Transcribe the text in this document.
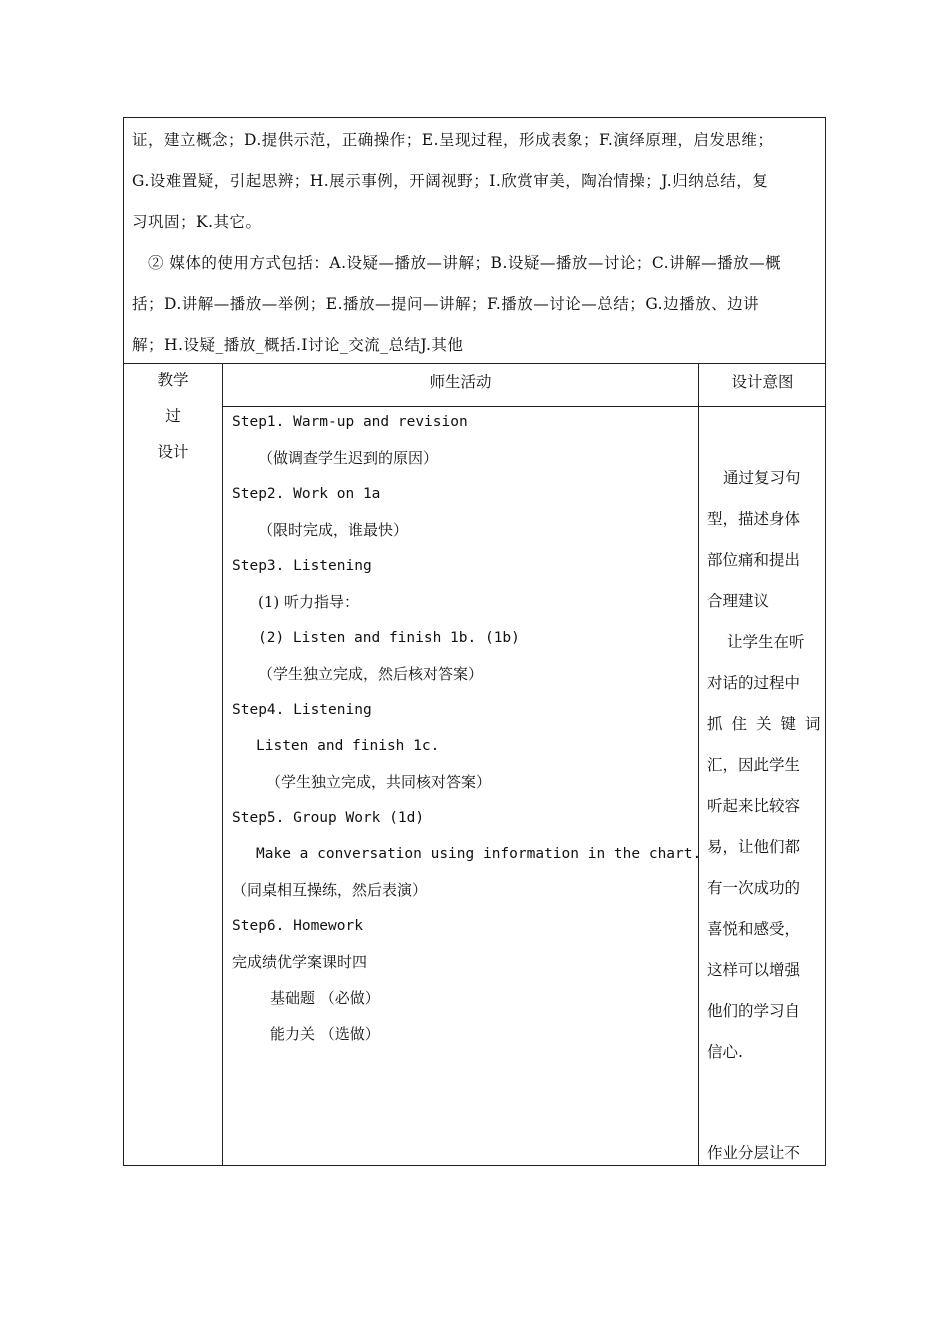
证，建立概念；D.提供示范，正确操作；E.呈现过程，形成表象；F.演绎原理，启发思维；

G.设难置疑，引起思辨；H.展示事例，开阔视野；I.欣赏审美，陶冶情操；J.归纳总结，复

习巩固；K.其它。

② 媒体的使用方式包括：A.设疑—播放—讲解；B.设疑—播放—讨论；C.讲解—播放—概

括；D.讲解—播放—举例；E.播放—提问—讲解；F.播放—讨论—总结；G.边播放、边讲

解；H.设疑_播放_概括.I讨论_交流_总结J.其他

教学
过
设计
师生活动	设计意图

Step1. Warm-up and revision

（做调查学生迟到的原因）

Step2. Work on 1a

（限时完成，谁最快）

Step3. Listening

(1) 听力指导：

(2) Listen and finish 1b. (1b)

（学生独立完成，然后核对答案）

Step4. Listening

Listen and finish 1c.

（学生独立完成，共同核对答案）

Step5. Group Work (1d)

Make a conversation using information in the chart.

（同桌相互操练，然后表演）

Step6. Homework

完成绩优学案课时四

基础题 （必做）

能力关 （选做）

通过复习句

型，描述身体

部位痛和提出

合理建议

让学生在听

对话的过程中

抓住关键词

汇，因此学生

听起来比较容

易，让他们都

有一次成功的

喜悦和感受，

这样可以增强

他们的学习自

信心.

作业分层让不
